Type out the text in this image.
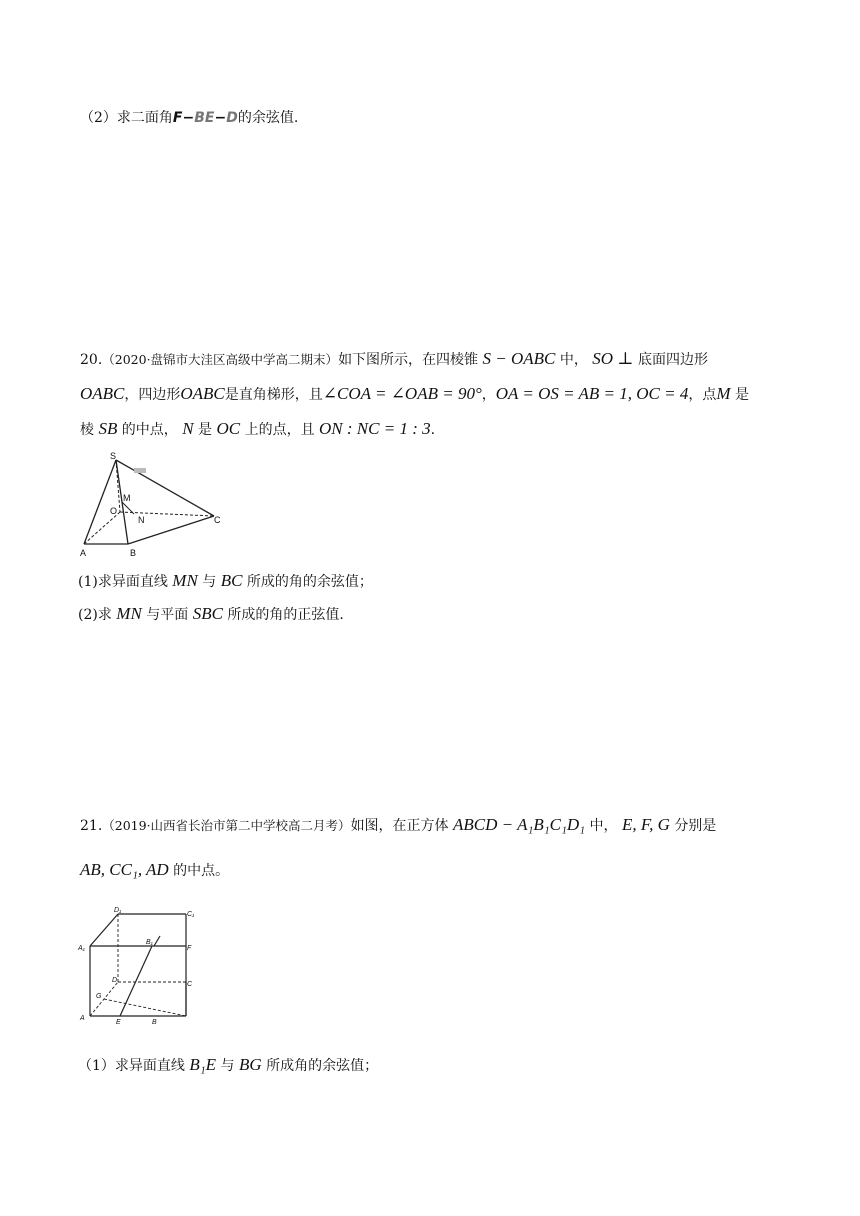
（2）求二面角F−BE−D的余弦值.
20.（2020·盘锦市大洼区高级中学高二期末）如下图所示，在四棱锥 S − OABC 中， SO ⊥ 底面四边形
OABC，四边形OABC是直角梯形，且∠COA = ∠OAB = 90°，OA = OS = AB = 1, OC = 4，点M 是
棱 SB 的中点， N 是 OC 上的点，且 ON : NC = 1 : 3.
S
M
O
N	C
A	B
(1)求异面直线 MN 与 BC 所成的角的余弦值；
(2)求 MN 与平面 SBC 所成的角的正弦值.
21.（2019·山西省长治市第二中学校高二月考）如图，在正方体 ABCD − A₁B₁C₁D₁ 中， E, F, G 分别是
AB, CC₁, AD 的中点。
D₁
C₁
A₁
B₁
F
D
C
G
A
E	B
（1）求异面直线 B₁E 与 BG 所成角的余弦值；
